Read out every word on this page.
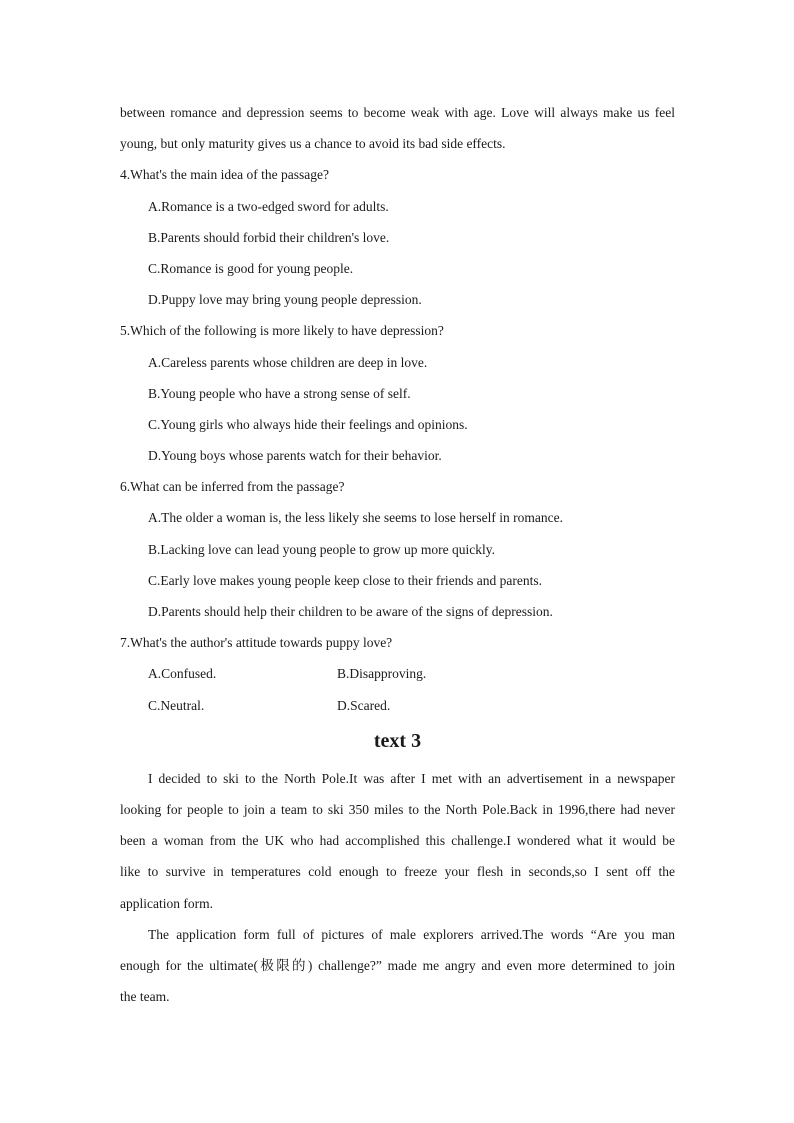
between romance and depression seems to become weak with age. Love will always make us feel
young, but only maturity gives us a chance to avoid its bad side effects.
4.What's the main idea of the passage?
A.Romance is a two-edged sword for adults.
B.Parents should forbid their children's love.
C.Romance is good for young people.
D.Puppy love may bring young people depression.
5.Which of the following is more likely to have depression?
A.Careless parents whose children are deep in love.
B.Young people who have a strong sense of self.
C.Young girls who always hide their feelings and opinions.
D.Young boys whose parents watch for their behavior.
6.What can be inferred from the passage?
A.The older a woman is, the less likely she seems to lose herself in romance.
B.Lacking love can lead young people to grow up more quickly.
C.Early love makes young people keep close to their friends and parents.
D.Parents should help their children to be aware of the signs of depression.
7.What's the author's attitude towards puppy love?
A.Confused.	B.Disapproving.
C.Neutral.	D.Scared.
text 3
I decided to ski to the North Pole.It was after I met with an advertisement in a newspaper
looking for people to join a team to ski 350 miles to the North Pole.Back in 1996,there had never
been a woman from the UK who had accomplished this challenge.I wondered what it would be
like to survive in temperatures cold enough to freeze your flesh in seconds,so I sent off the
application form.
The application form full of pictures of male explorers arrived.The words “Are you man
enough for the ultimate(极限的) challenge?” made me angry and even more determined to join
the team.
